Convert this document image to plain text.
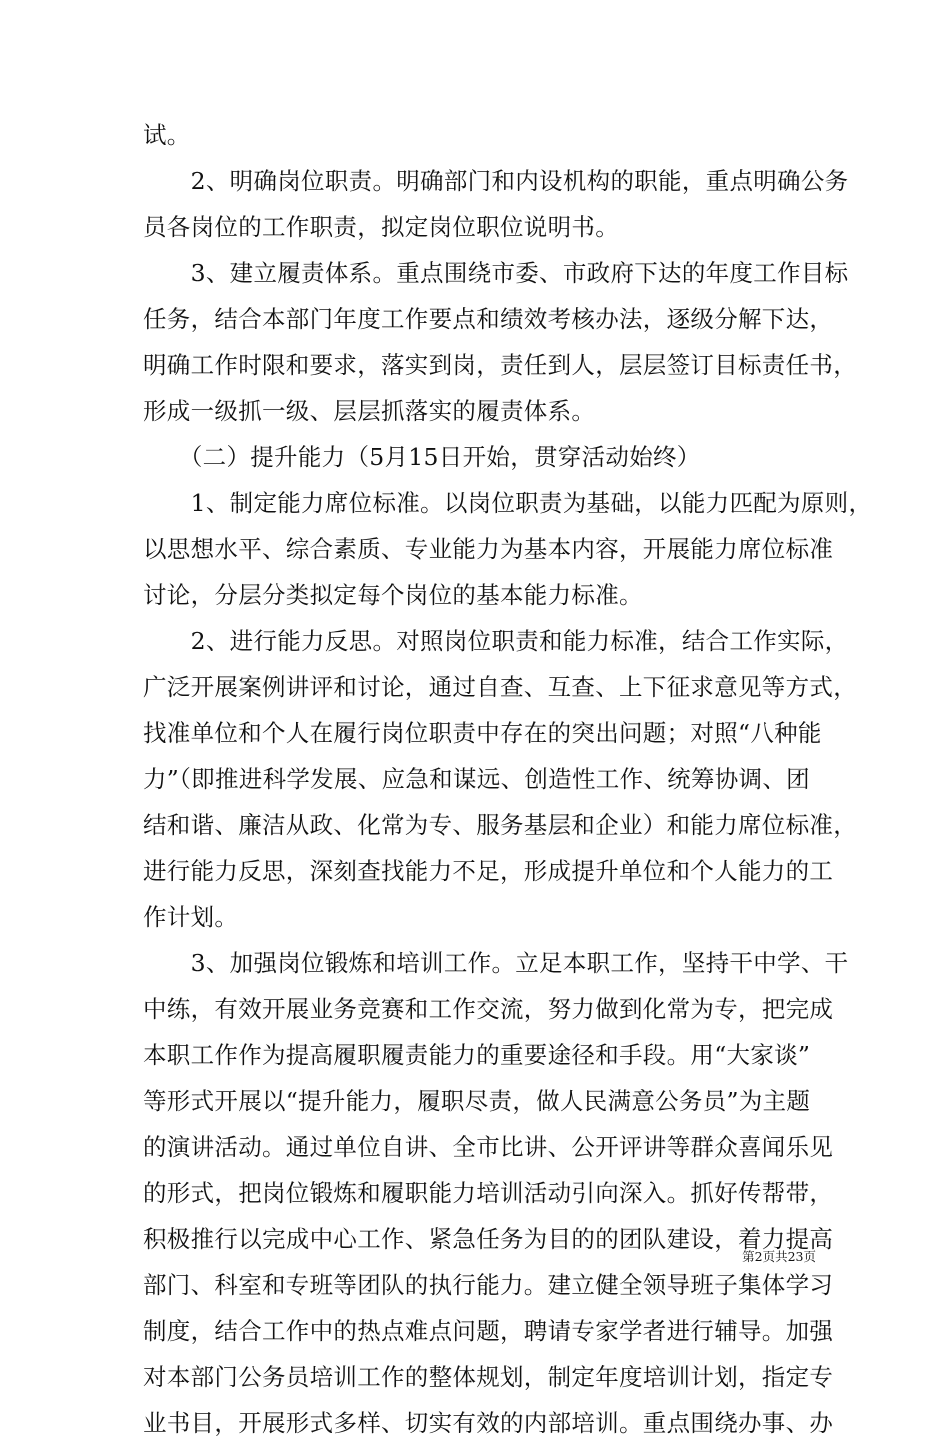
试。
　　2、明确岗位职责。明确部门和内设机构的职能，重点明确公务
员各岗位的工作职责，拟定岗位职位说明书。
　　3、建立履责体系。重点围绕市委、市政府下达的年度工作目标
任务，结合本部门年度工作要点和绩效考核办法，逐级分解下达，
明确工作时限和要求，落实到岗，责任到人，层层签订目标责任书，
形成一级抓一级、层层抓落实的履责体系。
　　（二）提升能力（5月15日开始，贯穿活动始终）
　　1、制定能力席位标准。以岗位职责为基础，以能力匹配为原则，
以思想水平、综合素质、专业能力为基本内容，开展能力席位标准
讨论，分层分类拟定每个岗位的基本能力标准。
　　2、进行能力反思。对照岗位职责和能力标准，结合工作实际，
广泛开展案例讲评和讨论，通过自查、互查、上下征求意见等方式，
找准单位和个人在履行岗位职责中存在的突出问题；对照“八种能
力”（即推进科学发展、应急和谋远、创造性工作、统筹协调、团
结和谐、廉洁从政、化常为专、服务基层和企业）和能力席位标准，
进行能力反思，深刻查找能力不足，形成提升单位和个人能力的工
作计划。
　　3、加强岗位锻炼和培训工作。立足本职工作，坚持干中学、干
中练，有效开展业务竞赛和工作交流，努力做到化常为专，把完成
本职工作作为提高履职履责能力的重要途径和手段。用“大家谈”
等形式开展以“提升能力，履职尽责，做人民满意公务员”为主题
的演讲活动。通过单位自讲、全市比讲、公开评讲等群众喜闻乐见
的形式，把岗位锻炼和履职能力培训活动引向深入。抓好传帮带，
积极推行以完成中心工作、紧急任务为目的的团队建设，着力提高
部门、科室和专班等团队的执行能力。建立健全领导班子集体学习
制度，结合工作中的热点难点问题，聘请专家学者进行辅导。加强
对本部门公务员培训工作的整体规划，制定年度培训计划，指定专
业书目，开展形式多样、切实有效的内部培训。重点围绕办事、办
第2页共23页
